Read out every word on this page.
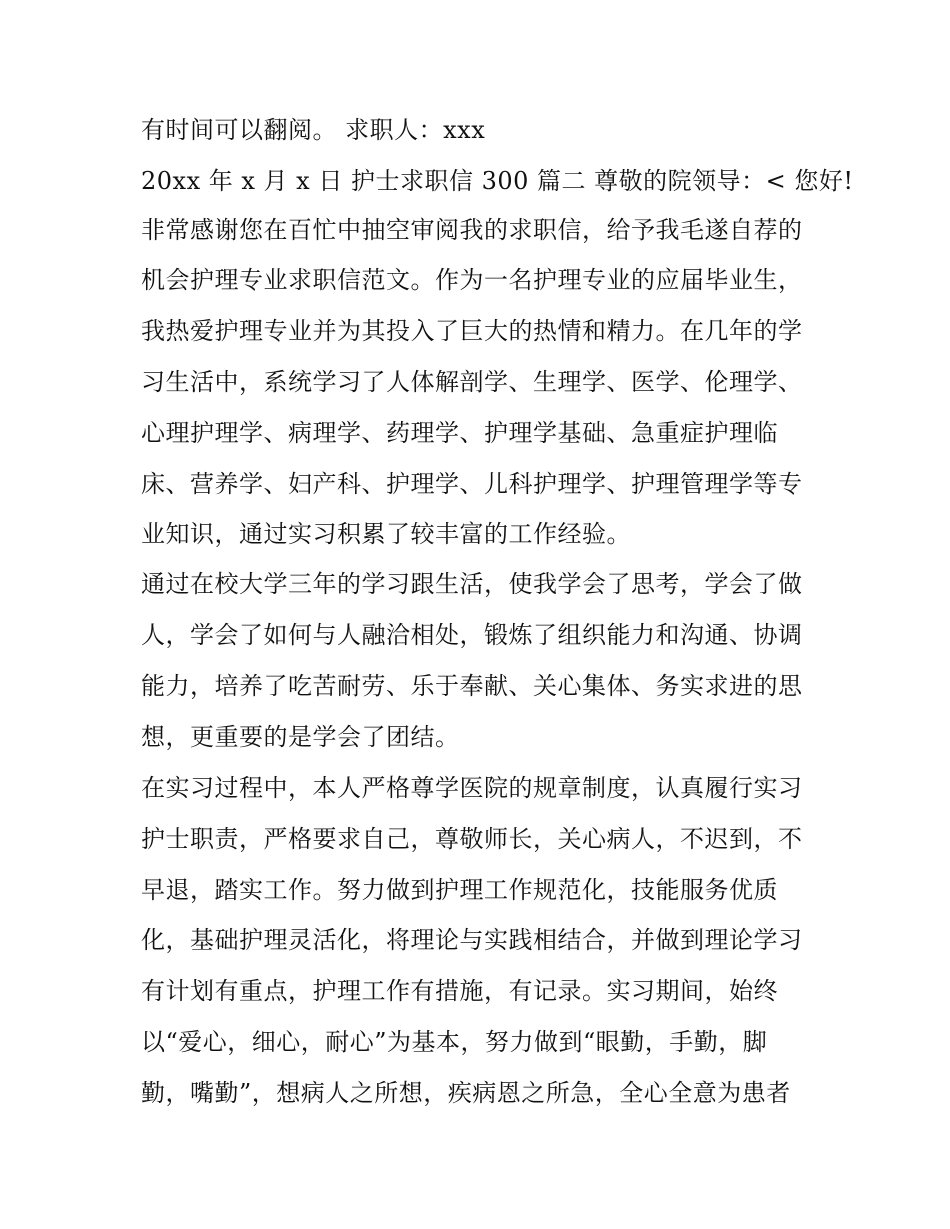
有时间可以翻阅。 求职人：xxx

20xx 年 x 月 x 日 护士求职信 300 篇二 尊敬的院领导：< 您好!

非常感谢您在百忙中抽空审阅我的求职信，给予我毛遂自荐的

机会护理专业求职信范文。作为一名护理专业的应届毕业生，

我热爱护理专业并为其投入了巨大的热情和精力。在几年的学

习生活中，系统学习了人体解剖学、生理学、医学、伦理学、

心理护理学、病理学、药理学、护理学基础、急重症护理临

床、营养学、妇产科、护理学、儿科护理学、护理管理学等专

业知识，通过实习积累了较丰富的工作经验。

通过在校大学三年的学习跟生活，使我学会了思考，学会了做

人，学会了如何与人融洽相处，锻炼了组织能力和沟通、协调

能力，培养了吃苦耐劳、乐于奉献、关心集体、务实求进的思

想，更重要的是学会了团结。

在实习过程中，本人严格尊学医院的规章制度，认真履行实习

护士职责，严格要求自己，尊敬师长，关心病人，不迟到，不

早退，踏实工作。努力做到护理工作规范化，技能服务优质

化，基础护理灵活化，将理论与实践相结合，并做到理论学习

有计划有重点，护理工作有措施，有记录。实习期间，始终

以“爱心，细心，耐心”为基本，努力做到“眼勤，手勤，脚

勤，嘴勤”，想病人之所想，疾病恩之所急，全心全意为患者
